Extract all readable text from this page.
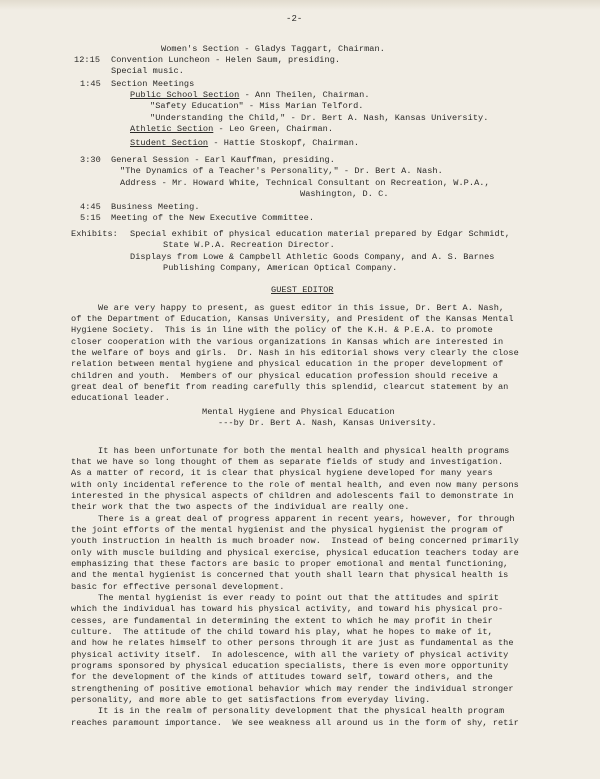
-2-
Women's Section - Gladys Taggart, Chairman.
12:15 Convention Luncheon - Helen Saum, presiding.
Special music.
1:45 Section Meetings
Public School Section - Ann Theilen, Chairman.
"Safety Education" - Miss Marian Telford.
"Understanding the Child," - Dr. Bert A. Nash, Kansas University.
Athletic Section - Leo Green, Chairman.
Student Section - Hattie Stoskopf, Chairman.
3:30 General Session - Earl Kauffman, presiding.
"The Dynamics of a Teacher's Personality," - Dr. Bert A. Nash.
Address - Mr. Howard White, Technical Consultant on Recreation, W.P.A.,
Washington, D. C.
4:45 Business Meeting.
5:15 Meeting of the New Executive Committee.
Exhibits: Special exhibit of physical education material prepared by Edgar Schmidt,
State W.P.A. Recreation Director.
Displays from Lowe & Campbell Athletic Goods Company, and A. S. Barnes
Publishing Company, American Optical Company.
GUEST EDITOR
We are very happy to present, as guest editor in this issue, Dr. Bert A. Nash,
of the Department of Education, Kansas University, and President of the Kansas Mental
Hygiene Society.  This is in line with the policy of the K.H. & P.E.A. to promote
closer cooperation with the various organizations in Kansas which are interested in
the welfare of boys and girls.  Dr. Nash in his editorial shows very clearly the close
relation between mental hygiene and physical education in the proper development of
children and youth.  Members of our physical education profession should receive a
great deal of benefit from reading carefully this splendid, clearcut statement by an
educational leader.
Mental Hygiene and Physical Education
---by Dr. Bert A. Nash, Kansas University.
It has been unfortunate for both the mental health and physical health programs
that we have so long thought of them as separate fields of study and investigation.
As a matter of record, it is clear that physical hygiene developed for many years
with only incidental reference to the role of mental health, and even now many persons
interested in the physical aspects of children and adolescents fail to demonstrate in
their work that the two aspects of the individual are really one.
There is a great deal of progress apparent in recent years, however, for through
the joint efforts of the mental hygienist and the physical hygienist the program of
youth instruction in health is much broader now.  Instead of being concerned primarily
only with muscle building and physical exercise, physical education teachers today are
emphasizing that these factors are basic to proper emotional and mental functioning,
and the mental hygienist is concerned that youth shall learn that physical health is
basic for effective personal development.
The mental hygienist is ever ready to point out that the attitudes and spirit
which the individual has toward his physical activity, and toward his physical pro-
cesses, are fundamental in determining the extent to which he may profit in their
culture.  The attitude of the child toward his play, what he hopes to make of it,
and how he relates himself to other persons through it are just as fundamental as the
physical activity itself.  In adolescence, with all the variety of physical activity
programs sponsored by physical education specialists, there is even more opportunity
for the development of the kinds of attitudes toward self, toward others, and the
strengthening of positive emotional behavior which may render the individual stronger
personality, and more able to get satisfactions from everyday living.
It is in the realm of personality development that the physical health program
reaches paramount importance.  We see weakness all around us in the form of shy, retir
